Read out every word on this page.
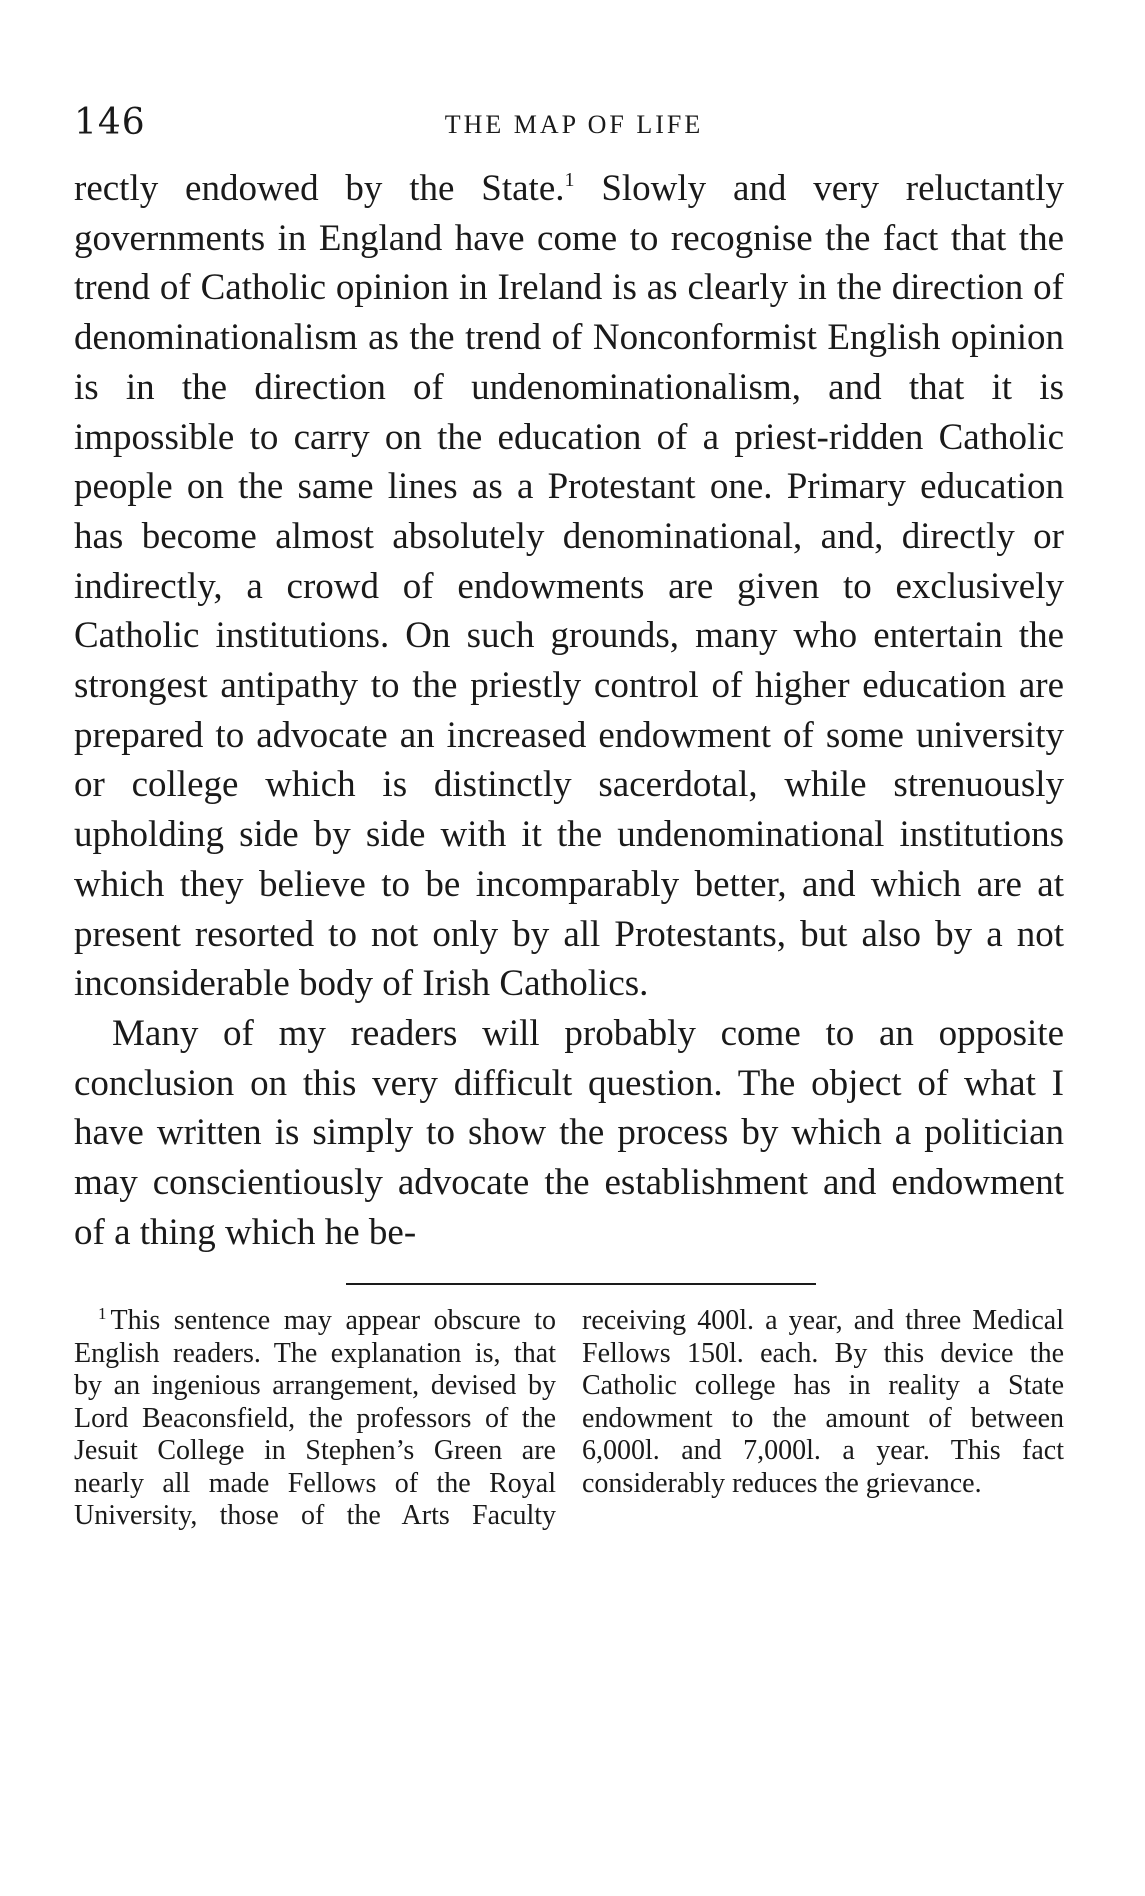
146	THE MAP OF LIFE

rectly endowed by the State.$^1$ Slowly and very reluctantly governments in England have come to recognise the fact that the trend of Catholic opinion in Ireland is as clearly in the direction of denominationalism as the trend of Nonconformist English opinion is in the direction of undenominationalism, and that it is impossible to carry on the education of a priest-ridden Catholic people on the same lines as a Protestant one. Primary education has become almost absolutely denominational, and, directly or indirectly, a crowd of endowments are given to exclusively Catholic institutions. On such grounds, many who entertain the strongest antipathy to the priestly control of higher education are prepared to advocate an increased endowment of some university or college which is distinctly sacerdotal, while strenuously upholding side by side with it the undenominational institutions which they believe to be incomparably better, and which are at present resorted to not only by all Protestants, but also by a not inconsiderable body of Irish Catholics.

Many of my readers will probably come to an opposite conclusion on this very difficult question. The object of what I have written is simply to show the process by which a politician may conscientiously advocate the establishment and endowment of a thing which he be-

$^1$ This sentence may appear obscure to English readers. The explanation is, that by an ingenious arrangement, devised by Lord Beaconsfield, the professors of the Jesuit College in Stephen’s Green are nearly all made Fellows of the Royal University, those of the Arts Faculty receiving 400l. a year, and three Medical Fellows 150l. each. By this device the Catholic college has in reality a State endowment to the amount of between 6,000l. and 7,000l. a year. This fact considerably reduces the grievance.
